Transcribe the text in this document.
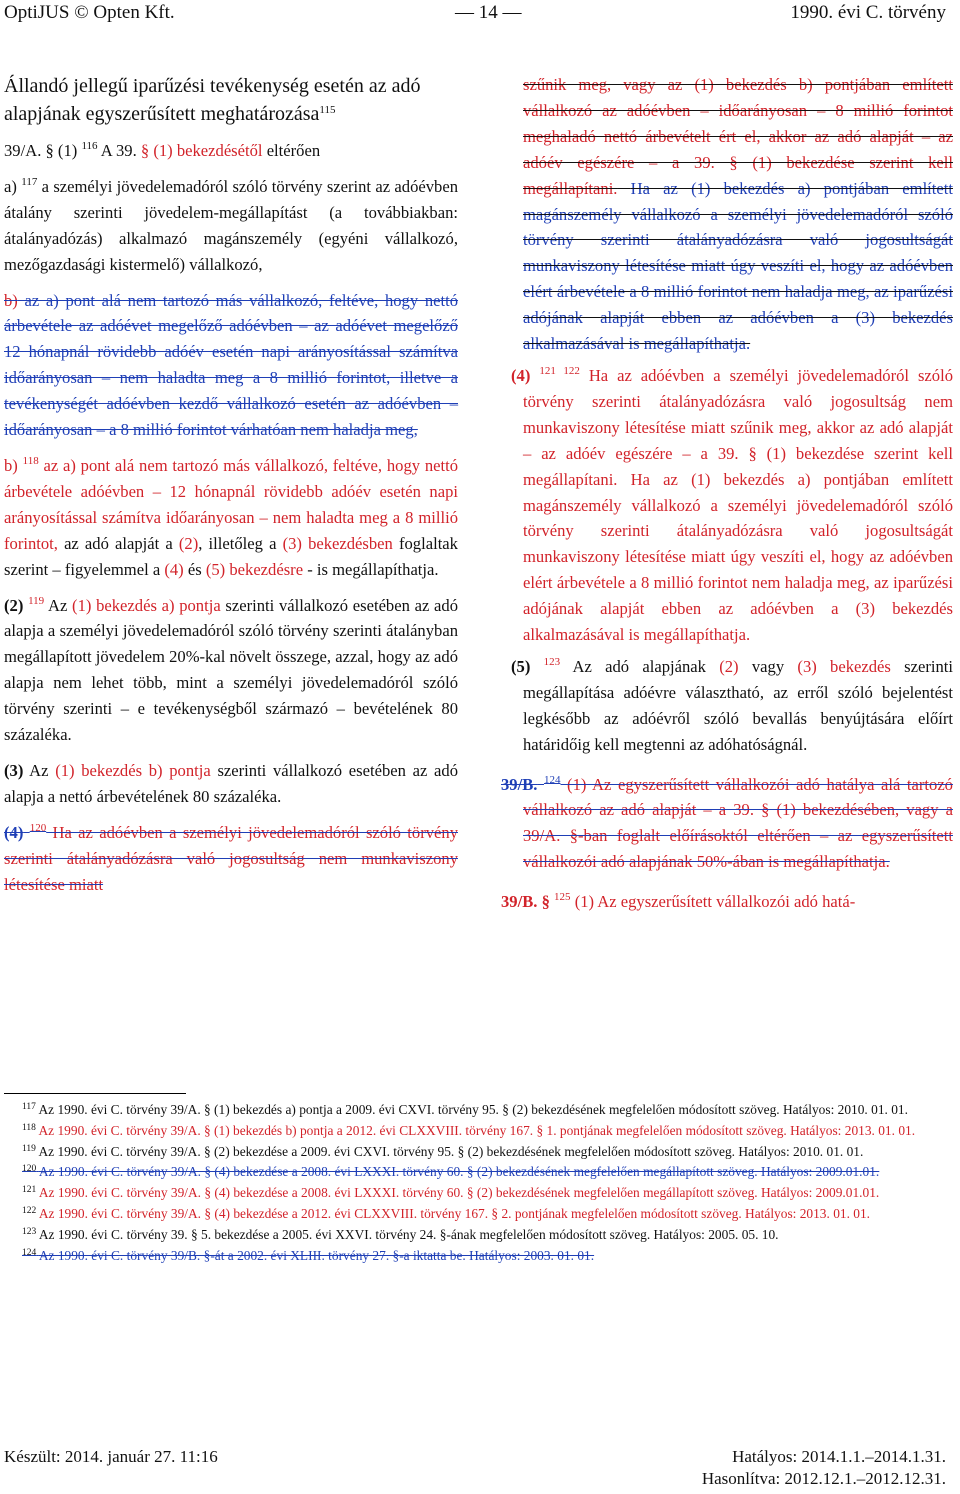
OptiJUS © Opten Kft.	— 14 —	1990. évi C. törvény

Állandó jellegű iparűzési tevékenység esetén az adó alapjának egyszerűsített meghatározása$^{115}$

39/A. § (1) $^{116}$ A 39. § (1) bekezdésétől eltérően

a) $^{117}$ a személyi jövedelemadóról szóló törvény szerint az adóévben átalány szerinti jövedelem-megállapítást (a továbbiakban: átalányadózás) alkalmazó magánszemély (egyéni vállalkozó, mezőgazdasági kistermelő) vállalkozó,

b) az a) pont alá nem tartozó más vállalkozó, feltéve, hogy nettó árbevétele az adóévet megelőző adóévben – az adóévet megelőző 12 hónapnál rövidebb adóév esetén napi arányosítással számítva időarányosan – nem haladta meg a 8 millió forintot, illetve a tevékenységét adóévben kezdő vállalkozó esetén az adóévben – időarányosan – a 8 millió forintot várhatóan nem haladja meg,

b) $^{118}$ az a) pont alá nem tartozó más vállalkozó, feltéve, hogy nettó árbevétele adóévben – 12 hónapnál rövidebb adóév esetén napi arányosítással számítva időarányosan – nem haladta meg a 8 millió forintot, az adó alapját a (2), illetőleg a (3) bekezdésben foglaltak szerint – figyelemmel a (4) és (5) bekezdésre - is megállapíthatja.

(2) $^{119}$ Az (1) bekezdés a) pontja szerinti vállalkozó esetében az adó alapja a személyi jövedelemadóról szóló törvény szerinti átalányban megállapított jövedelem 20%-kal növelt összege, azzal, hogy az adó alapja nem lehet több, mint a személyi jövedelemadóról szóló törvény szerinti – e tevékenységből származó – bevételének 80 százaléka.

(3) Az (1) bekezdés b) pontja szerinti vállalkozó esetében az adó alapja a nettó árbevételének 80 százaléka.

(4) $^{120}$ Ha az adóévben a személyi jövedelemadóról szóló törvény szerinti átalányadózásra való jogosultság nem munkaviszony létesítése miatt

szűnik meg, vagy az (1) bekezdés b) pontjában említett vállalkozó az adóévben – időarányosan – 8 millió forintot meghaladó nettó árbevételt ért el, akkor az adó alapját – az adóév egészére – a 39. § (1) bekezdése szerint kell megállapítani. Ha az (1) bekezdés a) pontjában említett magánszemély vállalkozó a személyi jövedelemadóról szóló törvény szerinti átalányadózásra való jogosultságát munkaviszony létesítése miatt úgy veszíti el, hogy az adóévben elért árbevétele a 8 millió forintot nem haladja meg, az iparűzési adójának alapját ebben az adóévben a (3) bekezdés alkalmazásával is megállapíthatja.

(4) $^{121 122}$ Ha az adóévben a személyi jövedelemadóról szóló törvény szerinti átalányadózásra való jogosultság nem munkaviszony létesítése miatt szűnik meg, akkor az adó alapját – az adóév egészére – a 39. § (1) bekezdése szerint kell megállapítani. Ha az (1) bekezdés a) pontjában említett magánszemély vállalkozó a személyi jövedelemadóról szóló törvény szerinti átalányadózásra való jogosultságát munkaviszony létesítése miatt úgy veszíti el, hogy az adóévben elért árbevétele a 8 millió forintot nem haladja meg, az iparűzési adójának alapját ebben az adóévben a (3) bekezdés alkalmazásával is megállapíthatja.

(5) $^{123}$ Az adó alapjának (2) vagy (3) bekezdés szerinti megállapítása adóévre választható, az erről szóló bejelentést legkésőbb az adóévről szóló bevallás benyújtására előírt határidőig kell megtenni az adóhatóságnál.

39/B. $^{124}$ (1) Az egyszerűsített vállalkozói adó hatálya alá tartozó vállalkozó az adó alapját – a 39. § (1) bekezdésében, vagy a 39/A. §-ban foglalt előírásoktól eltérően – az egyszerűsített vállalkozói adó alapjának 50%-ában is megállapíthatja.

39/B. § $^{125}$ (1) Az egyszerűsített vállalkozói adó hatá-

$^{117}$ Az 1990. évi C. törvény 39/A. § (1) bekezdés a) pontja a 2009. évi CXVI. törvény 95. § (2) bekezdésének megfelelően módosított szöveg. Hatályos: 2010. 01. 01.

$^{118}$ Az 1990. évi C. törvény 39/A. § (1) bekezdés b) pontja a 2012. évi CLXXVIII. törvény 167. § 1. pontjának megfelelően módosított szöveg. Hatályos: 2013. 01. 01.

$^{119}$ Az 1990. évi C. törvény 39/A. § (2) bekezdése a 2009. évi CXVI. törvény 95. § (2) bekezdésének megfelelően módosított szöveg. Hatályos: 2010. 01. 01.

$^{120}$ Az 1990. évi C. törvény 39/A. § (4) bekezdése a 2008. évi LXXXI. törvény 60. § (2) bekezdésének megfelelően megállapított szöveg. Hatályos: 2009.01.01.

$^{121}$ Az 1990. évi C. törvény 39/A. § (4) bekezdése a 2008. évi LXXXI. törvény 60. § (2) bekezdésének megfelelően megállapított szöveg. Hatályos: 2009.01.01.

$^{122}$ Az 1990. évi C. törvény 39/A. § (4) bekezdése a 2012. évi CLXXVIII. törvény 167. § 2. pontjának megfelelően módosított szöveg. Hatályos: 2013. 01. 01.

$^{123}$ Az 1990. évi C. törvény 39. § 5. bekezdése a 2005. évi XXVI. törvény 24. §-ának megfelelően módosított szöveg. Hatályos: 2005. 05. 10.

$^{124}$ Az 1990. évi C. törvény 39/B. §-át a 2002. évi XLIII. törvény 27. §-a iktatta be. Hatályos: 2003. 01. 01.

Készült: 2014. január 27. 11:16	Hatályos: 2014.1.1.–2014.1.31.
Hasonlítva: 2012.12.1.–2012.12.31.
